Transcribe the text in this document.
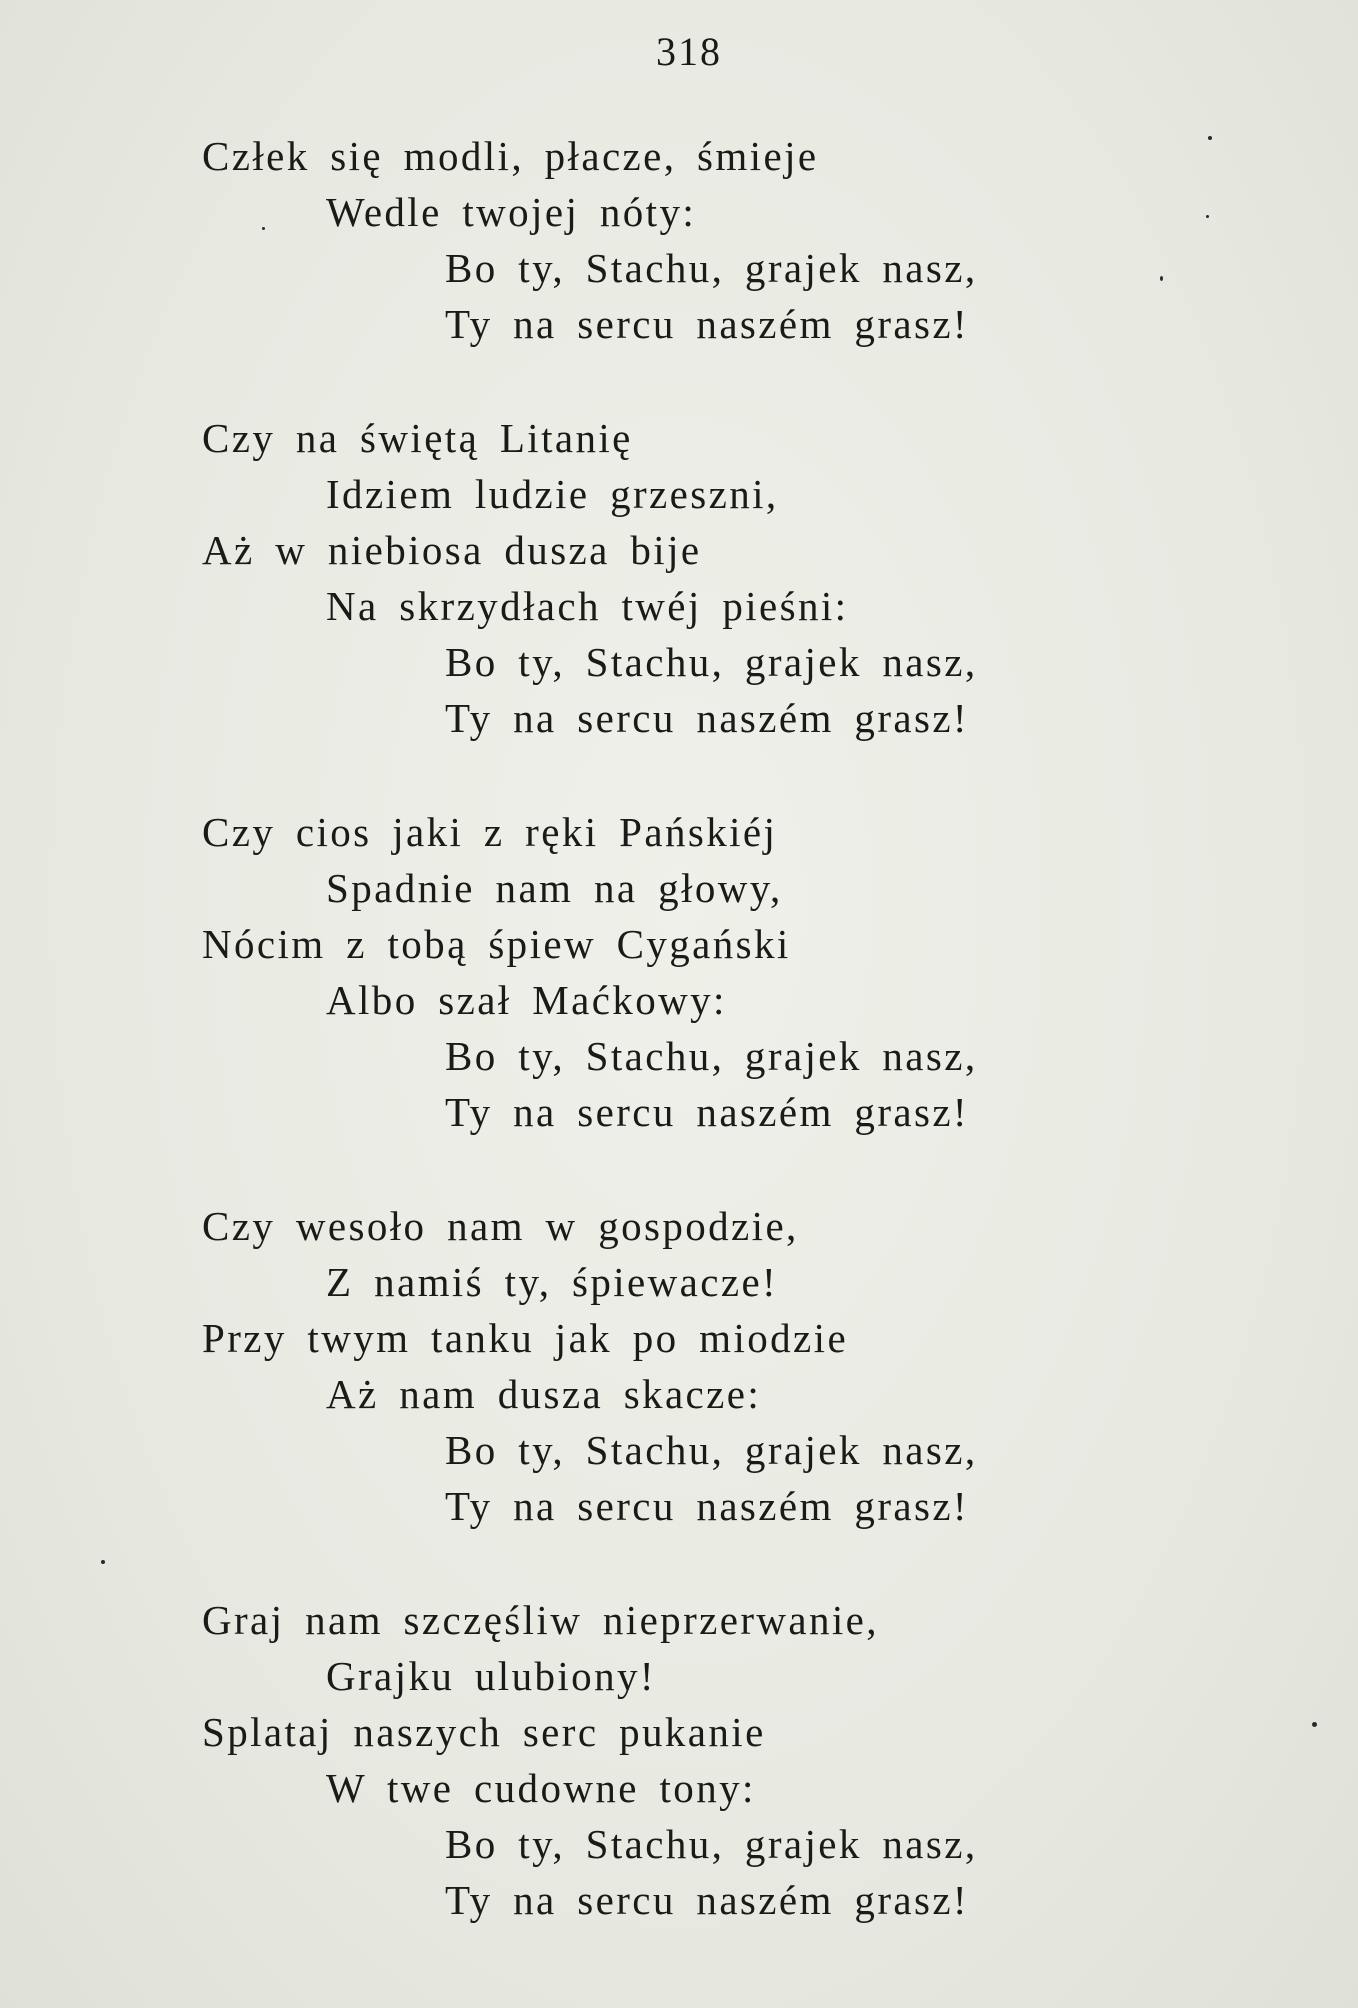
318
Człek się modli, płacze, śmieje
Wedle twojej nóty:
Bo ty, Stachu, grajek nasz,
Ty na sercu naszém grasz!
Czy na świętą Litanię
Idziem ludzie grzeszni,
Aż w niebiosa dusza bije
Na skrzydłach twéj pieśni:
Bo ty, Stachu, grajek nasz,
Ty na sercu naszém grasz!
Czy cios jaki z ręki Pańskiéj
Spadnie nam na głowy,
Nócim z tobą śpiew Cygański
Albo szał Maćkowy:
Bo ty, Stachu, grajek nasz,
Ty na sercu naszém grasz!
Czy wesoło nam w gospodzie,
Z namiś ty, śpiewacze!
Przy twym tanku jak po miodzie
Aż nam dusza skacze:
Bo ty, Stachu, grajek nasz,
Ty na sercu naszém grasz!
Graj nam szczęśliw nieprzerwanie,
Grajku ulubiony!
Splataj naszych serc pukanie
W twe cudowne tony:
Bo ty, Stachu, grajek nasz,
Ty na sercu naszém grasz!
